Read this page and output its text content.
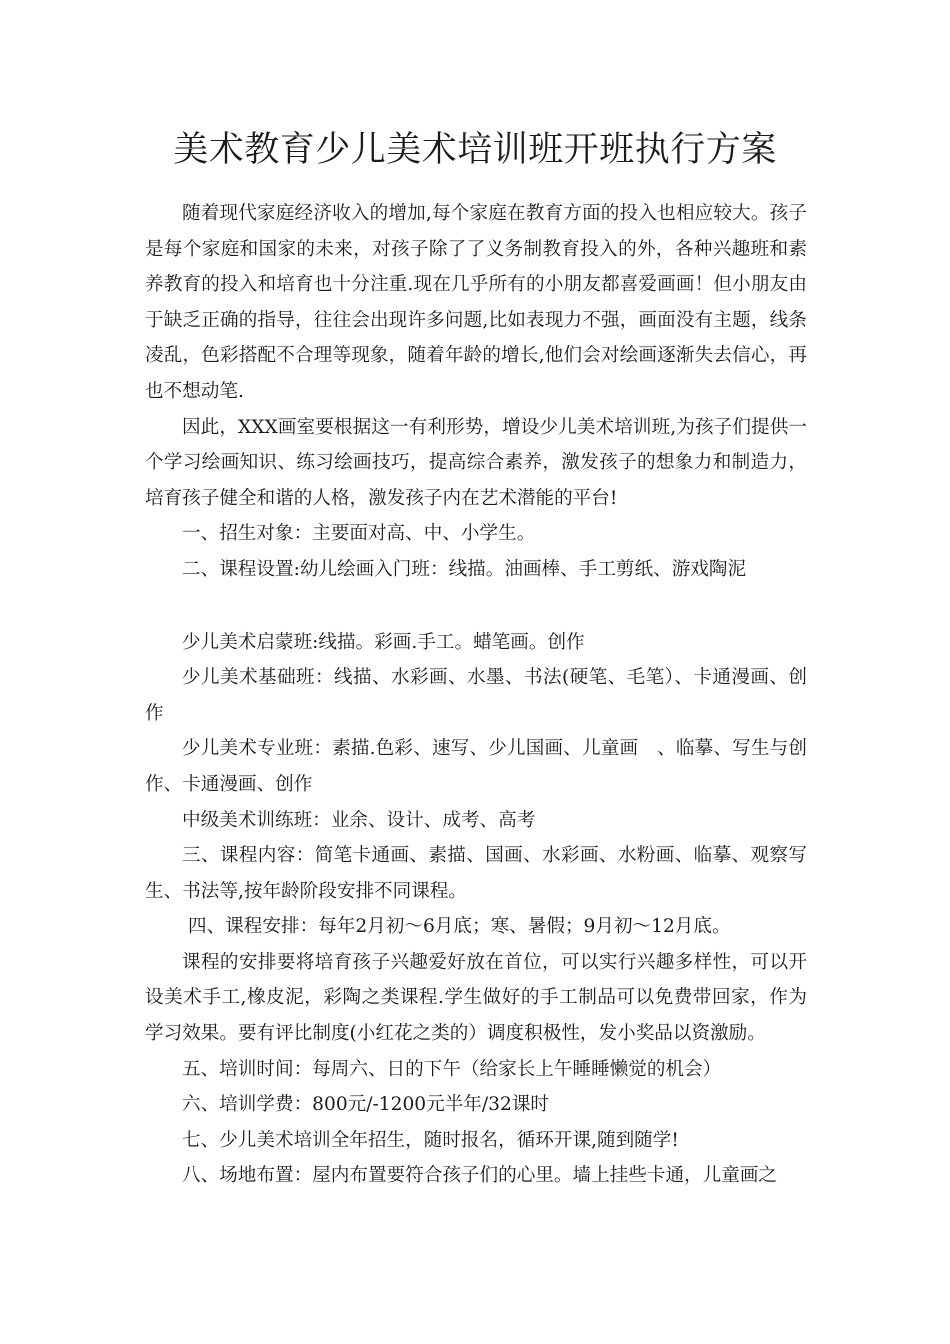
美术教育少儿美术培训班开班执行方案

随着现代家庭经济收入的增加,每个家庭在教育方面的投入也相应较大。孩子是每个家庭和国家的未来，对孩子除了了义务制教育投入的外，各种兴趣班和素养教育的投入和培育也十分注重.现在几乎所有的小朋友都喜爱画画！但小朋友由于缺乏正确的指导，往往会出现许多问题,比如表现力不强，画面没有主题，线条凌乱，色彩搭配不合理等现象，随着年龄的增长,他们会对绘画逐渐失去信心，再也不想动笔.

因此，XXX画室要根据这一有利形势，增设少儿美术培训班,为孩子们提供一个学习绘画知识、练习绘画技巧，提高综合素养，激发孩子的想象力和制造力，培育孩子健全和谐的人格，激发孩子内在艺术潜能的平台!

一、招生对象：主要面对高、中、小学生。

二、课程设置:幼儿绘画入门班：线描。油画棒、手工剪纸、游戏陶泥

少儿美术启蒙班:线描。彩画.手工。蜡笔画。创作

少儿美术基础班：线描、水彩画、水墨、书法(硬笔、毛笔）、卡通漫画、创作

少儿美术专业班：素描.色彩、速写、少儿国画、儿童画　、临摹、写生与创作、卡通漫画、创作

中级美术训练班：业余、设计、成考、高考

三、课程内容：简笔卡通画、素描、国画、水彩画、水粉画、临摹、观察写生、书法等,按年龄阶段安排不同课程。

四、课程安排：每年2月初～6月底；寒、暑假；9月初～12月底。

课程的安排要将培育孩子兴趣爱好放在首位，可以实行兴趣多样性，可以开设美术手工,橡皮泥，彩陶之类课程.学生做好的手工制品可以免费带回家，作为学习效果。要有评比制度(小红花之类的）调度积极性，发小奖品以资激励。

五、培训时间：每周六、日的下午（给家长上午睡睡懒觉的机会）

六、培训学费：800元/-1200元半年/32课时

七、少儿美术培训全年招生，随时报名，循环开课,随到随学!

八、场地布置：屋内布置要符合孩子们的心里。墙上挂些卡通，儿童画之
